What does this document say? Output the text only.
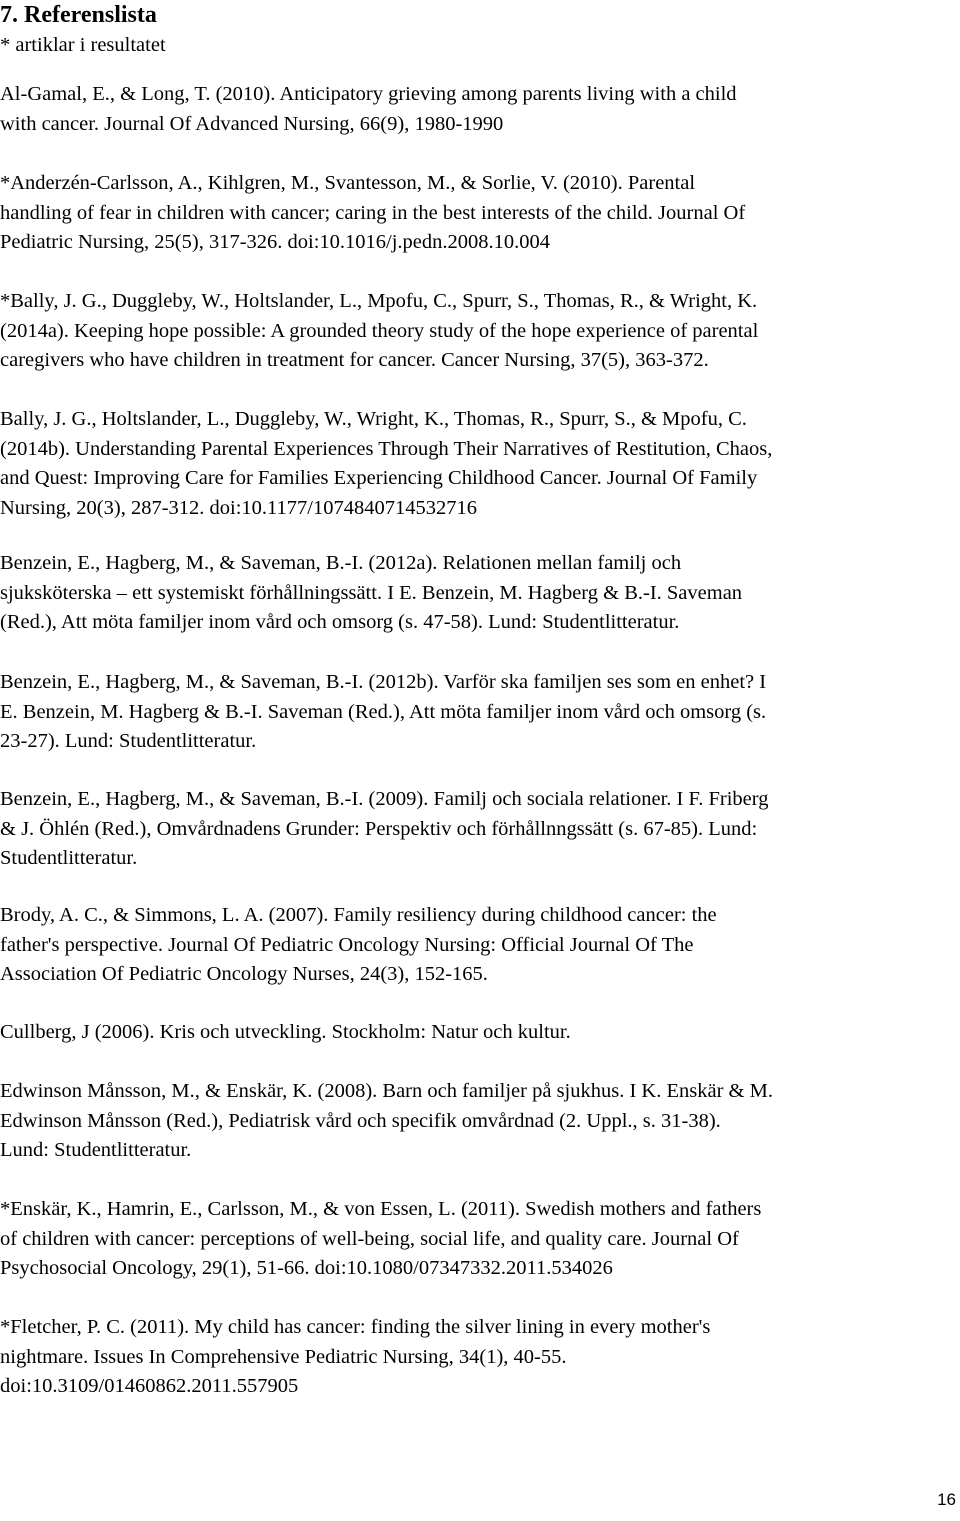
7. Referenslista
* artiklar i resultatet
Al-Gamal, E., & Long, T. (2010). Anticipatory grieving among parents living with a child
with cancer. Journal Of Advanced Nursing, 66(9), 1980-1990
*Anderzén-Carlsson, A., Kihlgren, M., Svantesson, M., & Sorlie, V. (2010). Parental
handling of fear in children with cancer; caring in the best interests of the child. Journal Of
Pediatric Nursing, 25(5), 317-326. doi:10.1016/j.pedn.2008.10.004
*Bally, J. G., Duggleby, W., Holtslander, L., Mpofu, C., Spurr, S., Thomas, R., & Wright, K.
(2014a). Keeping hope possible: A grounded theory study of the hope experience of parental
caregivers who have children in treatment for cancer. Cancer Nursing, 37(5), 363-372.
Bally, J. G., Holtslander, L., Duggleby, W., Wright, K., Thomas, R., Spurr, S., & Mpofu, C.
(2014b). Understanding Parental Experiences Through Their Narratives of Restitution, Chaos,
and Quest: Improving Care for Families Experiencing Childhood Cancer. Journal Of Family
Nursing, 20(3), 287-312. doi:10.1177/1074840714532716
Benzein, E., Hagberg, M., & Saveman, B.-I. (2012a). Relationen mellan familj och
sjuksköterska – ett systemiskt förhållningssätt. I E. Benzein, M. Hagberg & B.-I. Saveman
(Red.), Att möta familjer inom vård och omsorg (s. 47-58). Lund: Studentlitteratur.
Benzein, E., Hagberg, M., & Saveman, B.-I. (2012b). Varför ska familjen ses som en enhet? I
E. Benzein, M. Hagberg & B.-I. Saveman (Red.), Att möta familjer inom vård och omsorg (s.
23-27). Lund: Studentlitteratur.
Benzein, E., Hagberg, M., & Saveman, B.-I. (2009). Familj och sociala relationer. I F. Friberg
& J. Öhlén (Red.), Omvårdnadens Grunder: Perspektiv och förhållnngssätt (s. 67-85). Lund:
Studentlitteratur.
Brody, A. C., & Simmons, L. A. (2007). Family resiliency during childhood cancer: the
father's perspective. Journal Of Pediatric Oncology Nursing: Official Journal Of The
Association Of Pediatric Oncology Nurses, 24(3), 152-165.
Cullberg, J (2006). Kris och utveckling. Stockholm: Natur och kultur.
Edwinson Månsson, M., & Enskär, K. (2008). Barn och familjer på sjukhus. I K. Enskär & M.
Edwinson Månsson (Red.), Pediatrisk vård och specifik omvårdnad (2. Uppl., s. 31-38).
Lund: Studentlitteratur.
*Enskär, K., Hamrin, E., Carlsson, M., & von Essen, L. (2011). Swedish mothers and fathers
of children with cancer: perceptions of well-being, social life, and quality care. Journal Of
Psychosocial Oncology, 29(1), 51-66. doi:10.1080/07347332.2011.534026
*Fletcher, P. C. (2011). My child has cancer: finding the silver lining in every mother's
nightmare. Issues In Comprehensive Pediatric Nursing, 34(1), 40-55.
doi:10.3109/01460862.2011.557905
16
